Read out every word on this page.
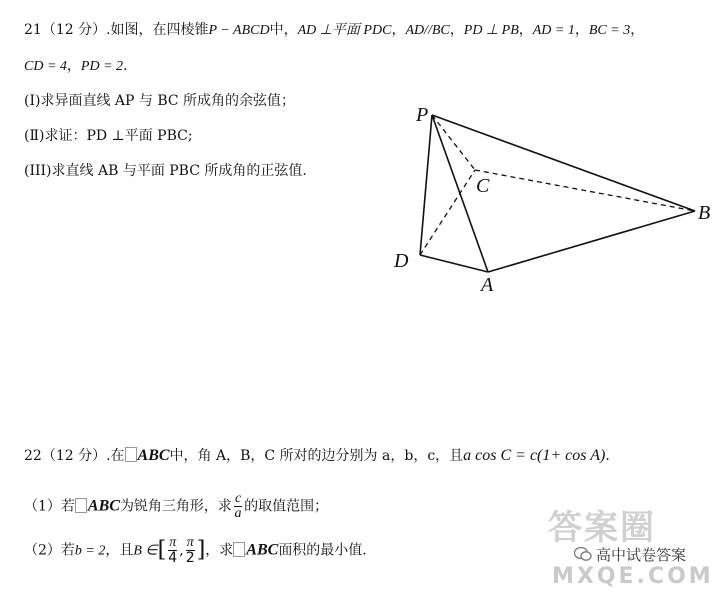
21（12 分）.如图，在四棱锥P − ABCD中，AD ⊥平面 PDC，AD//BC，PD ⊥ PB，AD = 1，BC = 3，
CD = 4，PD = 2.
(Ⅰ)求异面直线 AP 与 BC 所成角的余弦值；
(Ⅱ)求证：PD ⊥平面 PBC;
(III)求直线 AB 与平面 PBC 所成角的正弦值.
P
C
B
D
A
22（12 分）.在 ABC中，角 A，B，C 所对的边分别为 a，b，c，且a cos C = c(1+ cos A).
（1）若 ABC为锐角三角形，求 $\frac{c}{a}$ 的取值范围；
（2）若b = 2，且B ∈[ $\frac{\pi}{4}$ , $\frac{\pi}{2}$ ]，求 ABC面积的最小值.
答案圈
高中试卷答案
MXQE.COM
